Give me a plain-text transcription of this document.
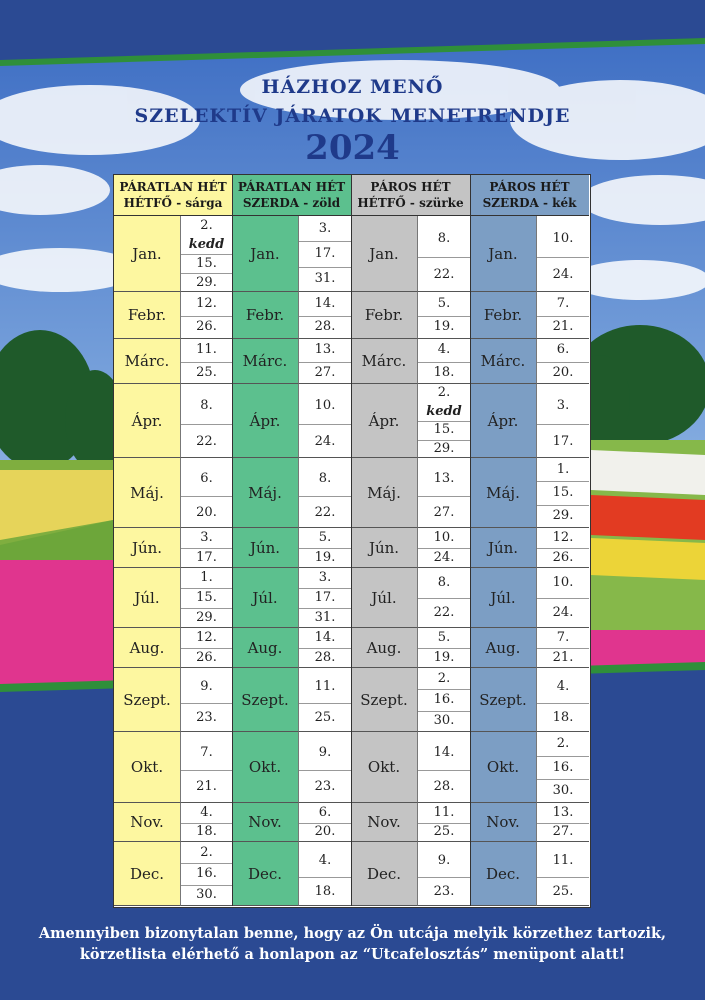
HÁZHOZ MENŐ
SZELEKTÍV JÁRATOK MENETRENDJE
2024
PÁRATLAN HÉT
HÉTFŐ - sárga
PÁRATLAN HÉT
SZERDA - zöld
PÁROS HÉT
HÉTFŐ - szürke
PÁROS HÉT
SZERDA - kék
Jan.
2.
kedd
15.
29.
Jan.
3.
17.
31.
Jan.
8.
22.
Jan.
10.
24.
Febr.
12.
26.
Febr.
14.
28.
Febr.
5.
19.
Febr.
7.
21.
Márc.
11.
25.
Márc.
13.
27.
Márc.
4.
18.
Márc.
6.
20.
Ápr.
8.
22.
Ápr.
10.
24.
Ápr.
2.
kedd
15.
29.
Ápr.
3.
17.
Máj.
6.
20.
Máj.
8.
22.
Máj.
13.
27.
Máj.
1.
15.
29.
Jún.
3.
17.
Jún.
5.
19.
Jún.
10.
24.
Jún.
12.
26.
Júl.
1.
15.
29.
Júl.
3.
17.
31.
Júl.
8.
22.
Júl.
10.
24.
Aug.
12.
26.
Aug.
14.
28.
Aug.
5.
19.
Aug.
7.
21.
Szept.
9.
23.
Szept.
11.
25.
Szept.
2.
16.
30.
Szept.
4.
18.
Okt.
7.
21.
Okt.
9.
23.
Okt.
14.
28.
Okt.
2.
16.
30.
Nov.
4.
18.
Nov.
6.
20.
Nov.
11.
25.
Nov.
13.
27.
Dec.
2.
16.
30.
Dec.
4.
18.
Dec.
9.
23.
Dec.
11.
25.
Amennyiben bizonytalan benne, hogy az Ön utcája melyik körzethez tartozik,
körzetlista elérhető a honlapon az “Utcafelosztás” menüpont alatt!
